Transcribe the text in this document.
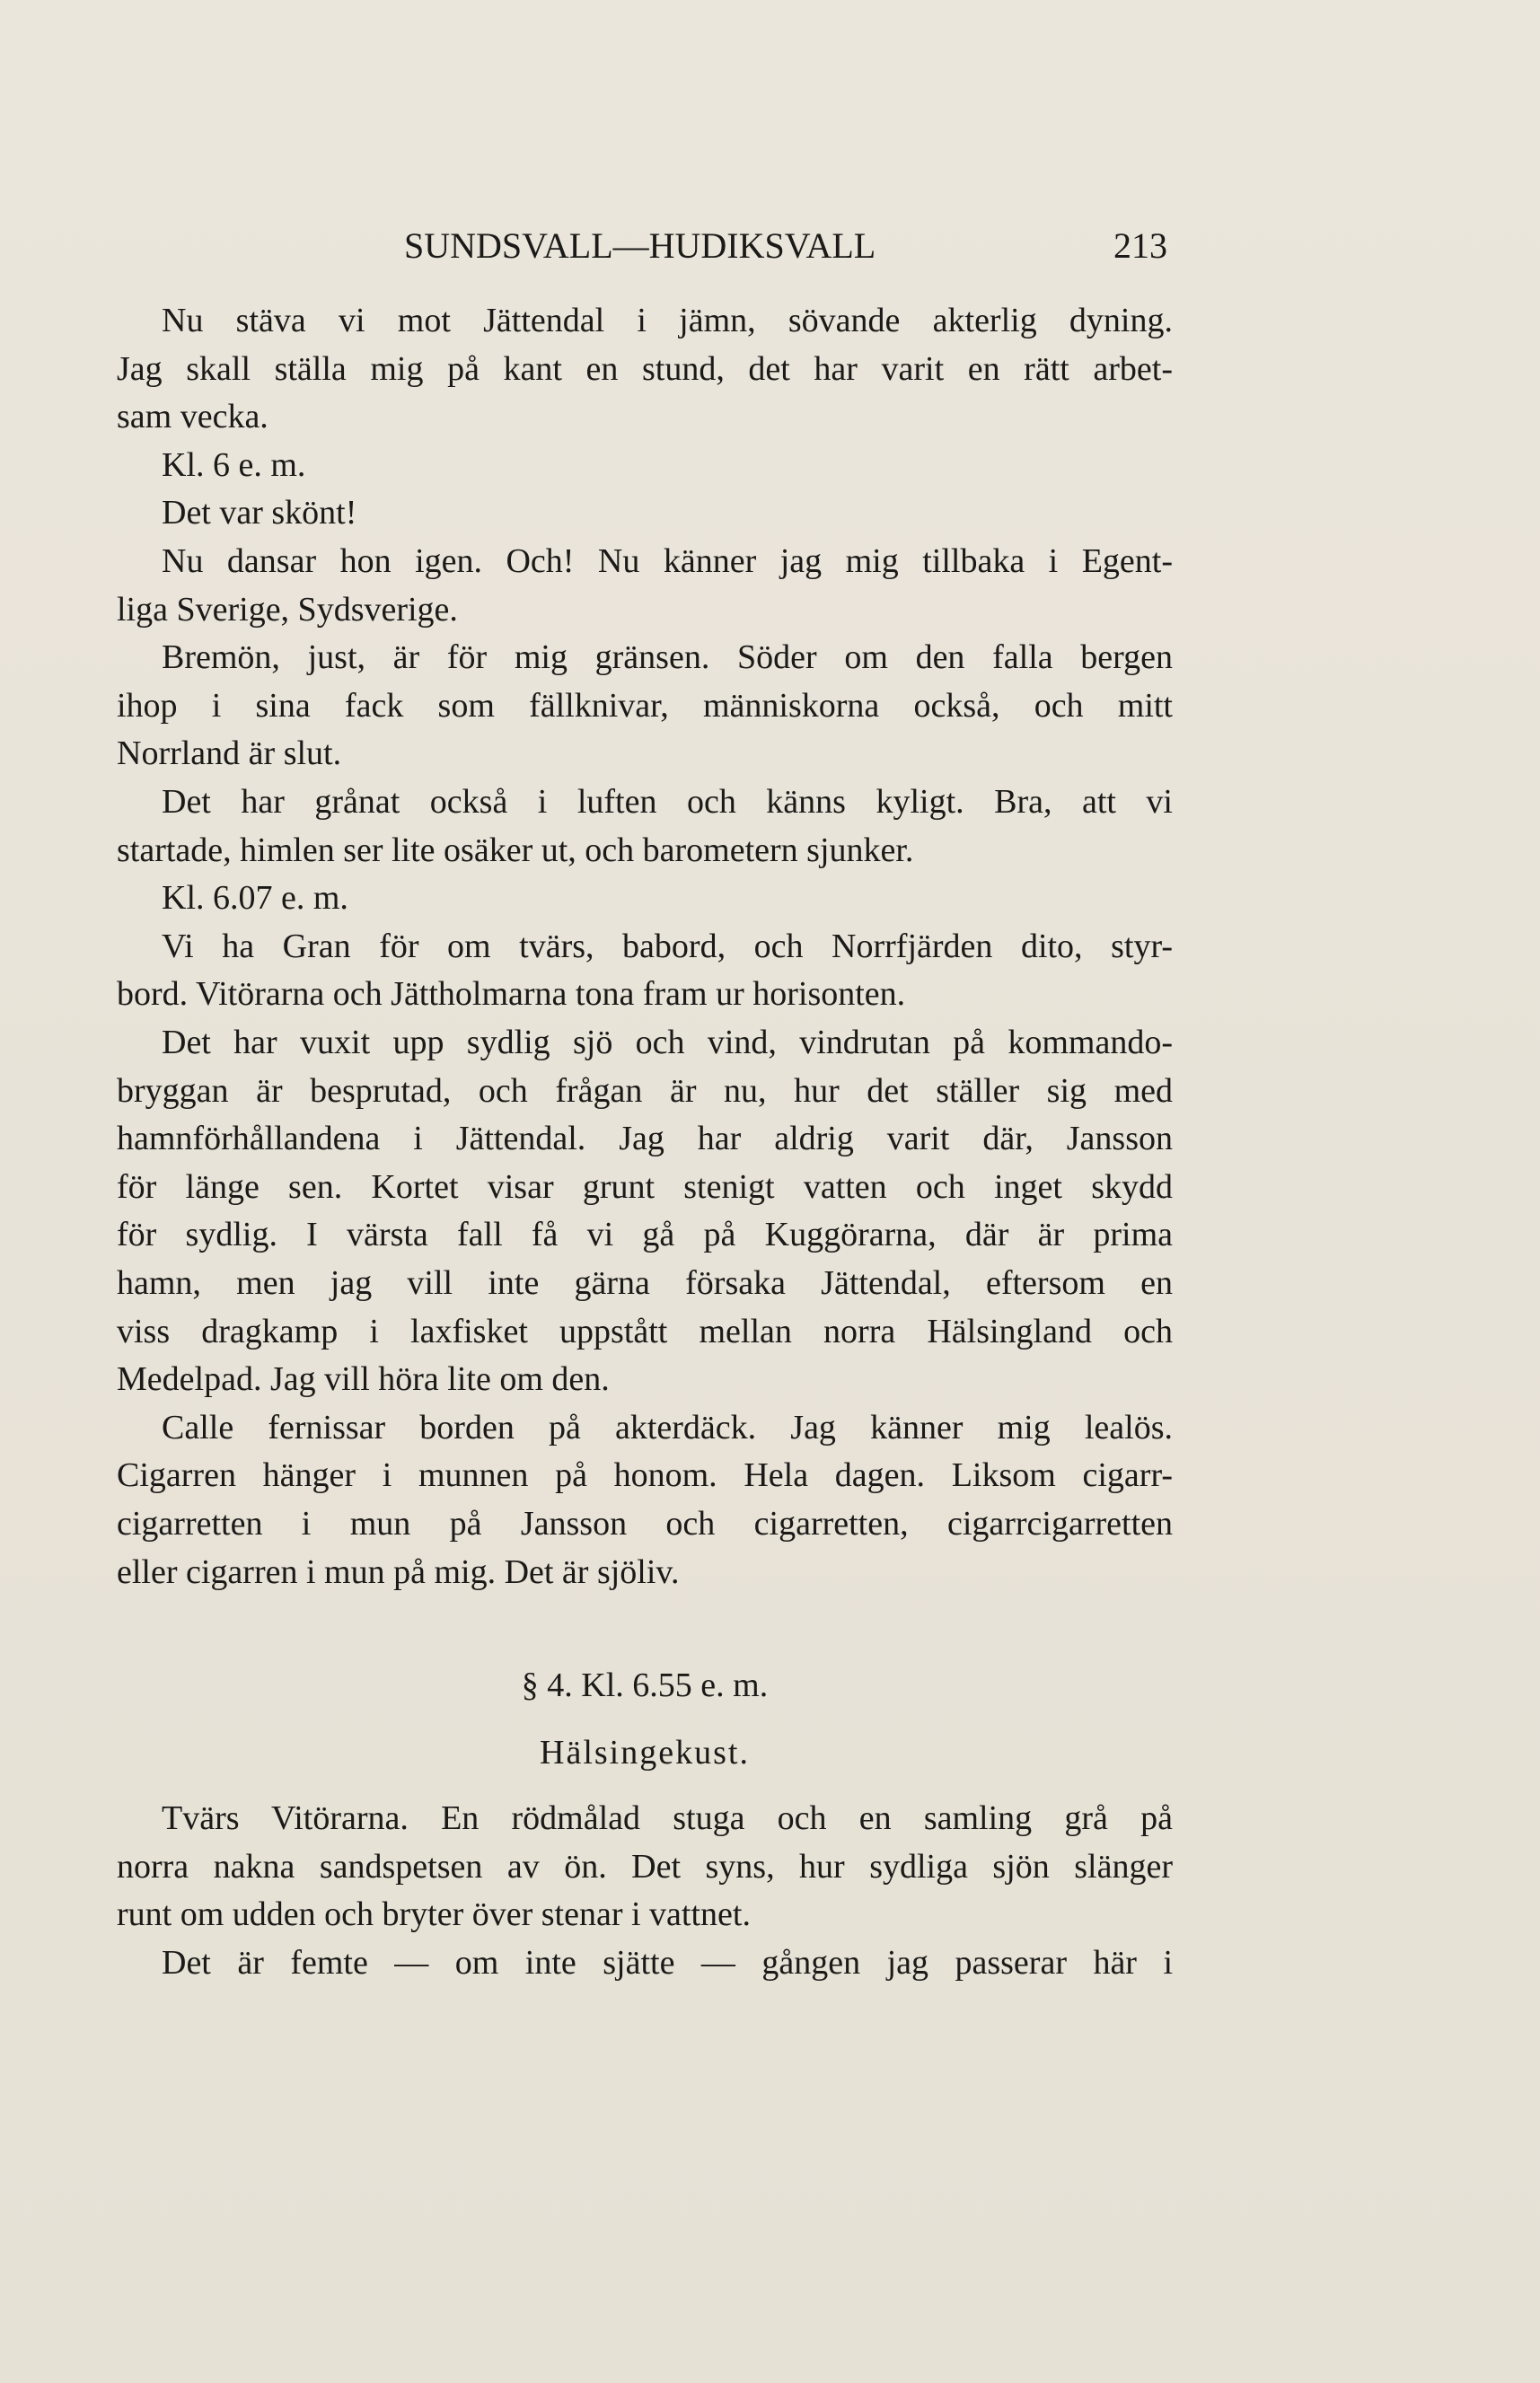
SUNDSVALL—HUDIKSVALL	213
Nu stäva vi mot Jättendal i jämn, sövande akterlig dyning.
Jag skall ställa mig på kant en stund, det har varit en rätt arbet-
sam vecka.
Kl. 6 e. m.
Det var skönt!
Nu dansar hon igen. Och! Nu känner jag mig tillbaka i Egent-
liga Sverige, Sydsverige.
Bremön, just, är för mig gränsen. Söder om den falla bergen
ihop i sina fack som fällknivar, människorna också, och mitt
Norrland är slut.
Det har grånat också i luften och känns kyligt. Bra, att vi
startade, himlen ser lite osäker ut, och barometern sjunker.
Kl. 6.07 e. m.
Vi ha Gran för om tvärs, babord, och Norrfjärden dito, styr-
bord. Vitörarna och Jättholmarna tona fram ur horisonten.
Det har vuxit upp sydlig sjö och vind, vindrutan på kommando-
bryggan är besprutad, och frågan är nu, hur det ställer sig med
hamnförhållandena i Jättendal. Jag har aldrig varit där, Jansson
för länge sen. Kortet visar grunt stenigt vatten och inget skydd
för sydlig. I värsta fall få vi gå på Kuggörarna, där är prima
hamn, men jag vill inte gärna försaka Jättendal, eftersom en
viss dragkamp i laxfisket uppstått mellan norra Hälsingland och
Medelpad. Jag vill höra lite om den.
Calle fernissar borden på akterdäck. Jag känner mig lealös.
Cigarren hänger i munnen på honom. Hela dagen. Liksom cigarr-
cigarretten i mun på Jansson och cigarretten, cigarrcigarretten
eller cigarren i mun på mig. Det är sjöliv.
§ 4. Kl. 6.55 e. m.
Hälsingekust.
Tvärs Vitörarna. En rödmålad stuga och en samling grå på
norra nakna sandspetsen av ön. Det syns, hur sydliga sjön slänger
runt om udden och bryter över stenar i vattnet.
Det är femte — om inte sjätte — gången jag passerar här i
